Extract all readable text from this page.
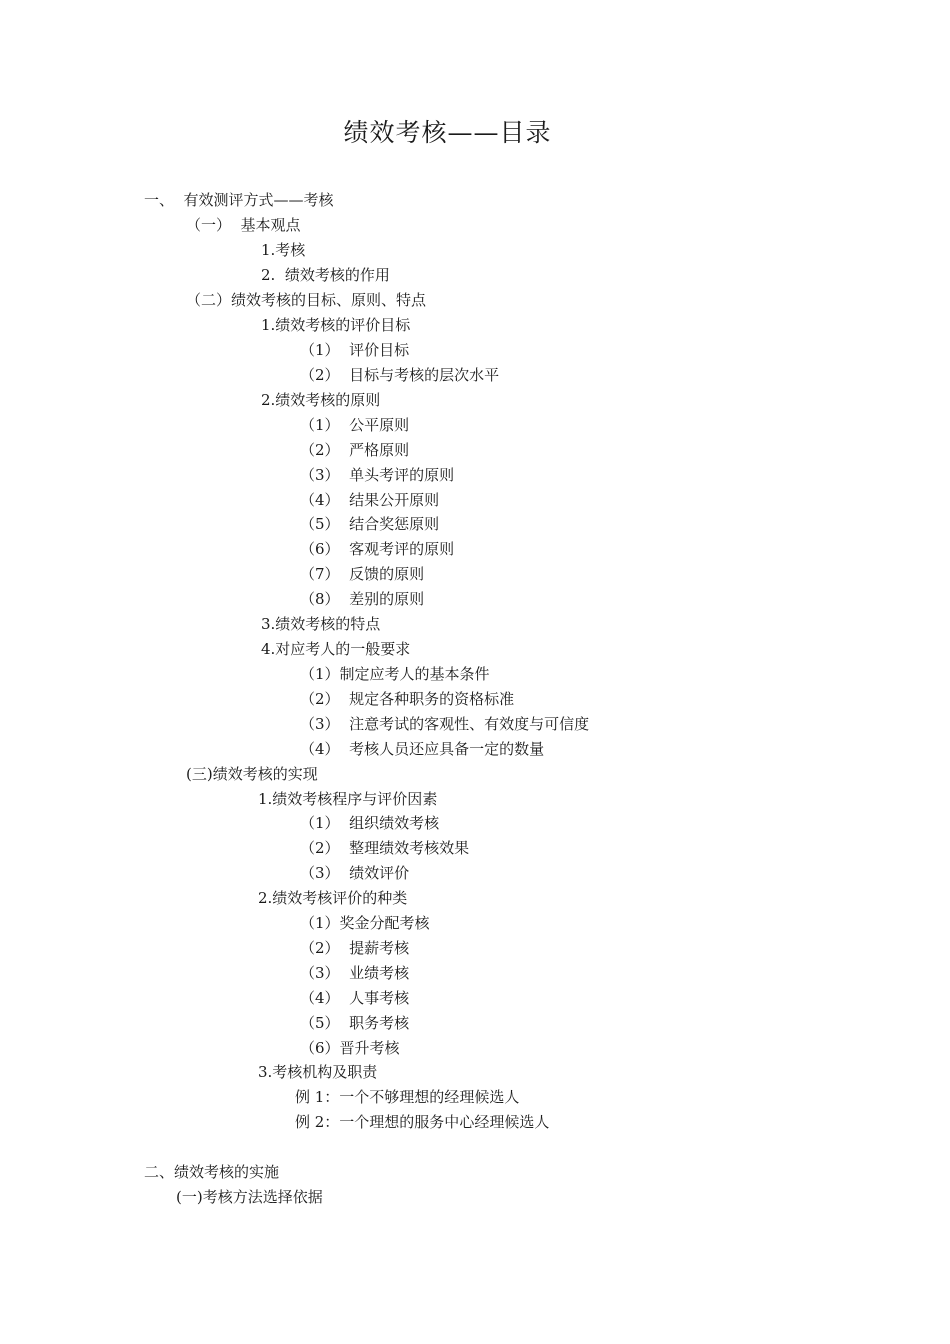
绩效考核——目录
一、  有效测评方式——考核
（一）  基本观点
1.考核
2.  绩效考核的作用
（二）绩效考核的目标、原则、特点
1.绩效考核的评价目标
（1）  评价目标
（2）  目标与考核的层次水平
2.绩效考核的原则
（1）  公平原则
（2）  严格原则
（3）  单头考评的原则
（4）  结果公开原则
（5）  结合奖惩原则
（6）  客观考评的原则
（7）  反馈的原则
（8）  差别的原则
3.绩效考核的特点
4.对应考人的一般要求
（1）制定应考人的基本条件
（2）  规定各种职务的资格标准
（3）  注意考试的客观性、有效度与可信度
（4）  考核人员还应具备一定的数量
(三)绩效考核的实现
1.绩效考核程序与评价因素
（1）  组织绩效考核
（2）  整理绩效考核效果
（3）  绩效评价
2.绩效考核评价的种类
（1）奖金分配考核
（2）  提薪考核
（3）  业绩考核
（4）  人事考核
（5）  职务考核
（6）晋升考核
3.考核机构及职责
例 1：一个不够理想的经理候选人
例 2：一个理想的服务中心经理候选人
二、绩效考核的实施
(一)考核方法选择依据
